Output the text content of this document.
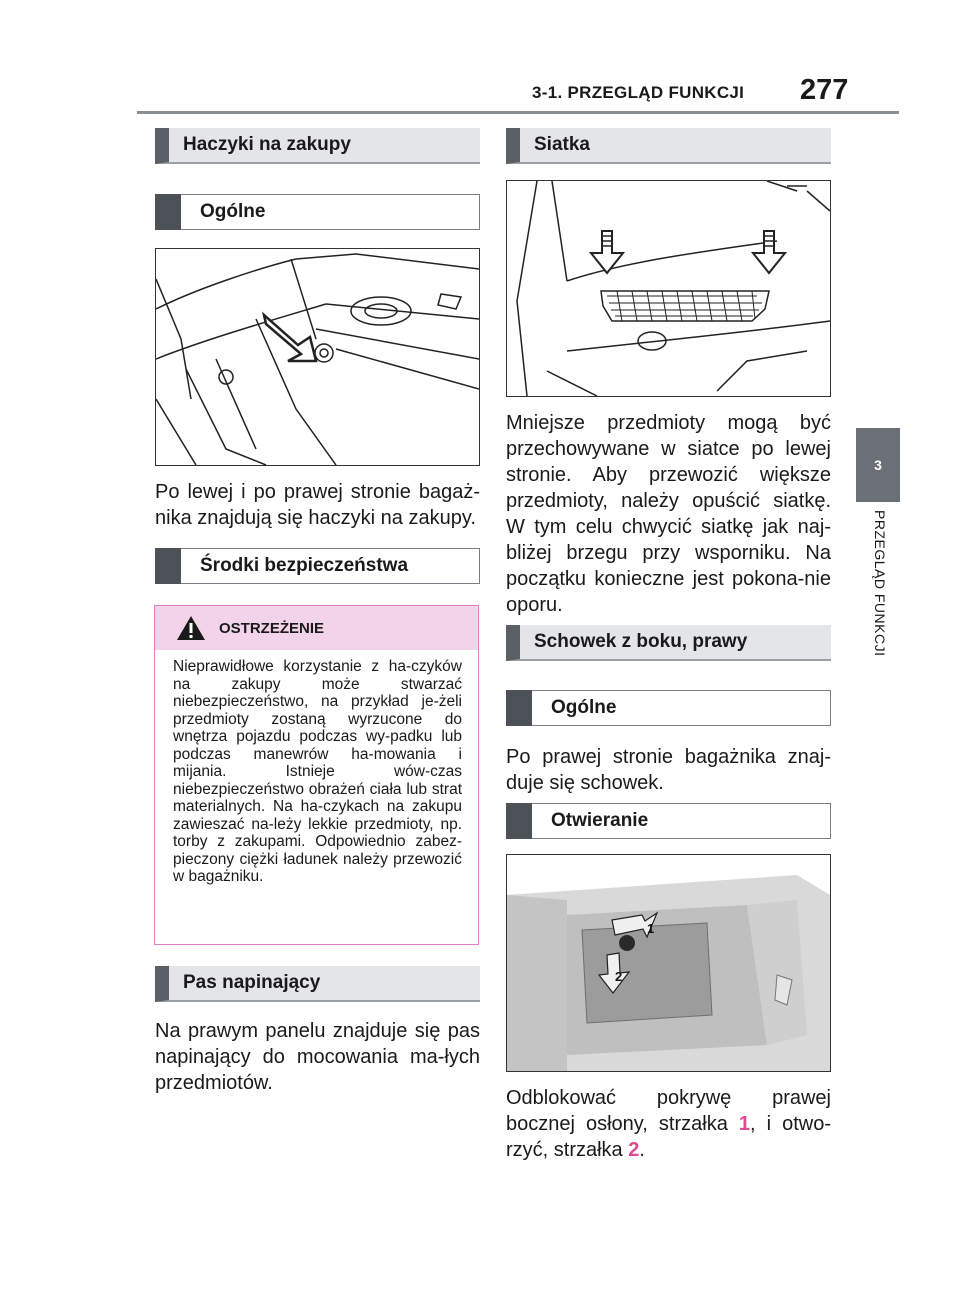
3-1. PRZEGLĄD FUNKCJI 277
3
PRZEGLĄD FUNKCJI
Haczyki na zakupy
Ogólne
Po lewej i po prawej stronie bagaż-nika znajdują się haczyki na zakupy.
Środki bezpieczeństwa
OSTRZEŻENIE
Nieprawidłowe korzystanie z ha-czyków na zakupy może stwarzać niebezpieczeństwo, na przykład je-żeli przedmioty zostaną wyrzucone do wnętrza pojazdu podczas wy-padku lub podczas manewrów ha-mowania i mijania. Istnieje wów-czas niebezpieczeństwo obrażeń ciała lub strat materialnych. Na ha-czykach na zakupu zawieszać na-leży lekkie przedmioty, np. torby z zakupami. Odpowiednio zabez-pieczony ciężki ładunek należy przewozić w bagażniku.
Pas napinający
Na prawym panelu znajduje się pas napinający do mocowania ma-łych przedmiotów.
Siatka
Mniejsze przedmioty mogą być przechowywane w siatce po lewej stronie. Aby przewozić większe przedmioty, należy opuścić siatkę. W tym celu chwycić siatkę jak naj-bliżej brzegu przy wsporniku. Na początku konieczne jest pokona-nie oporu.
Schowek z boku, prawy
Ogólne
Po prawej stronie bagażnika znaj-duje się schowek.
Otwieranie
1
2
Odblokować pokrywę prawej bocznej osłony, strzałka 1, i otwo-rzyć, strzałka 2.
